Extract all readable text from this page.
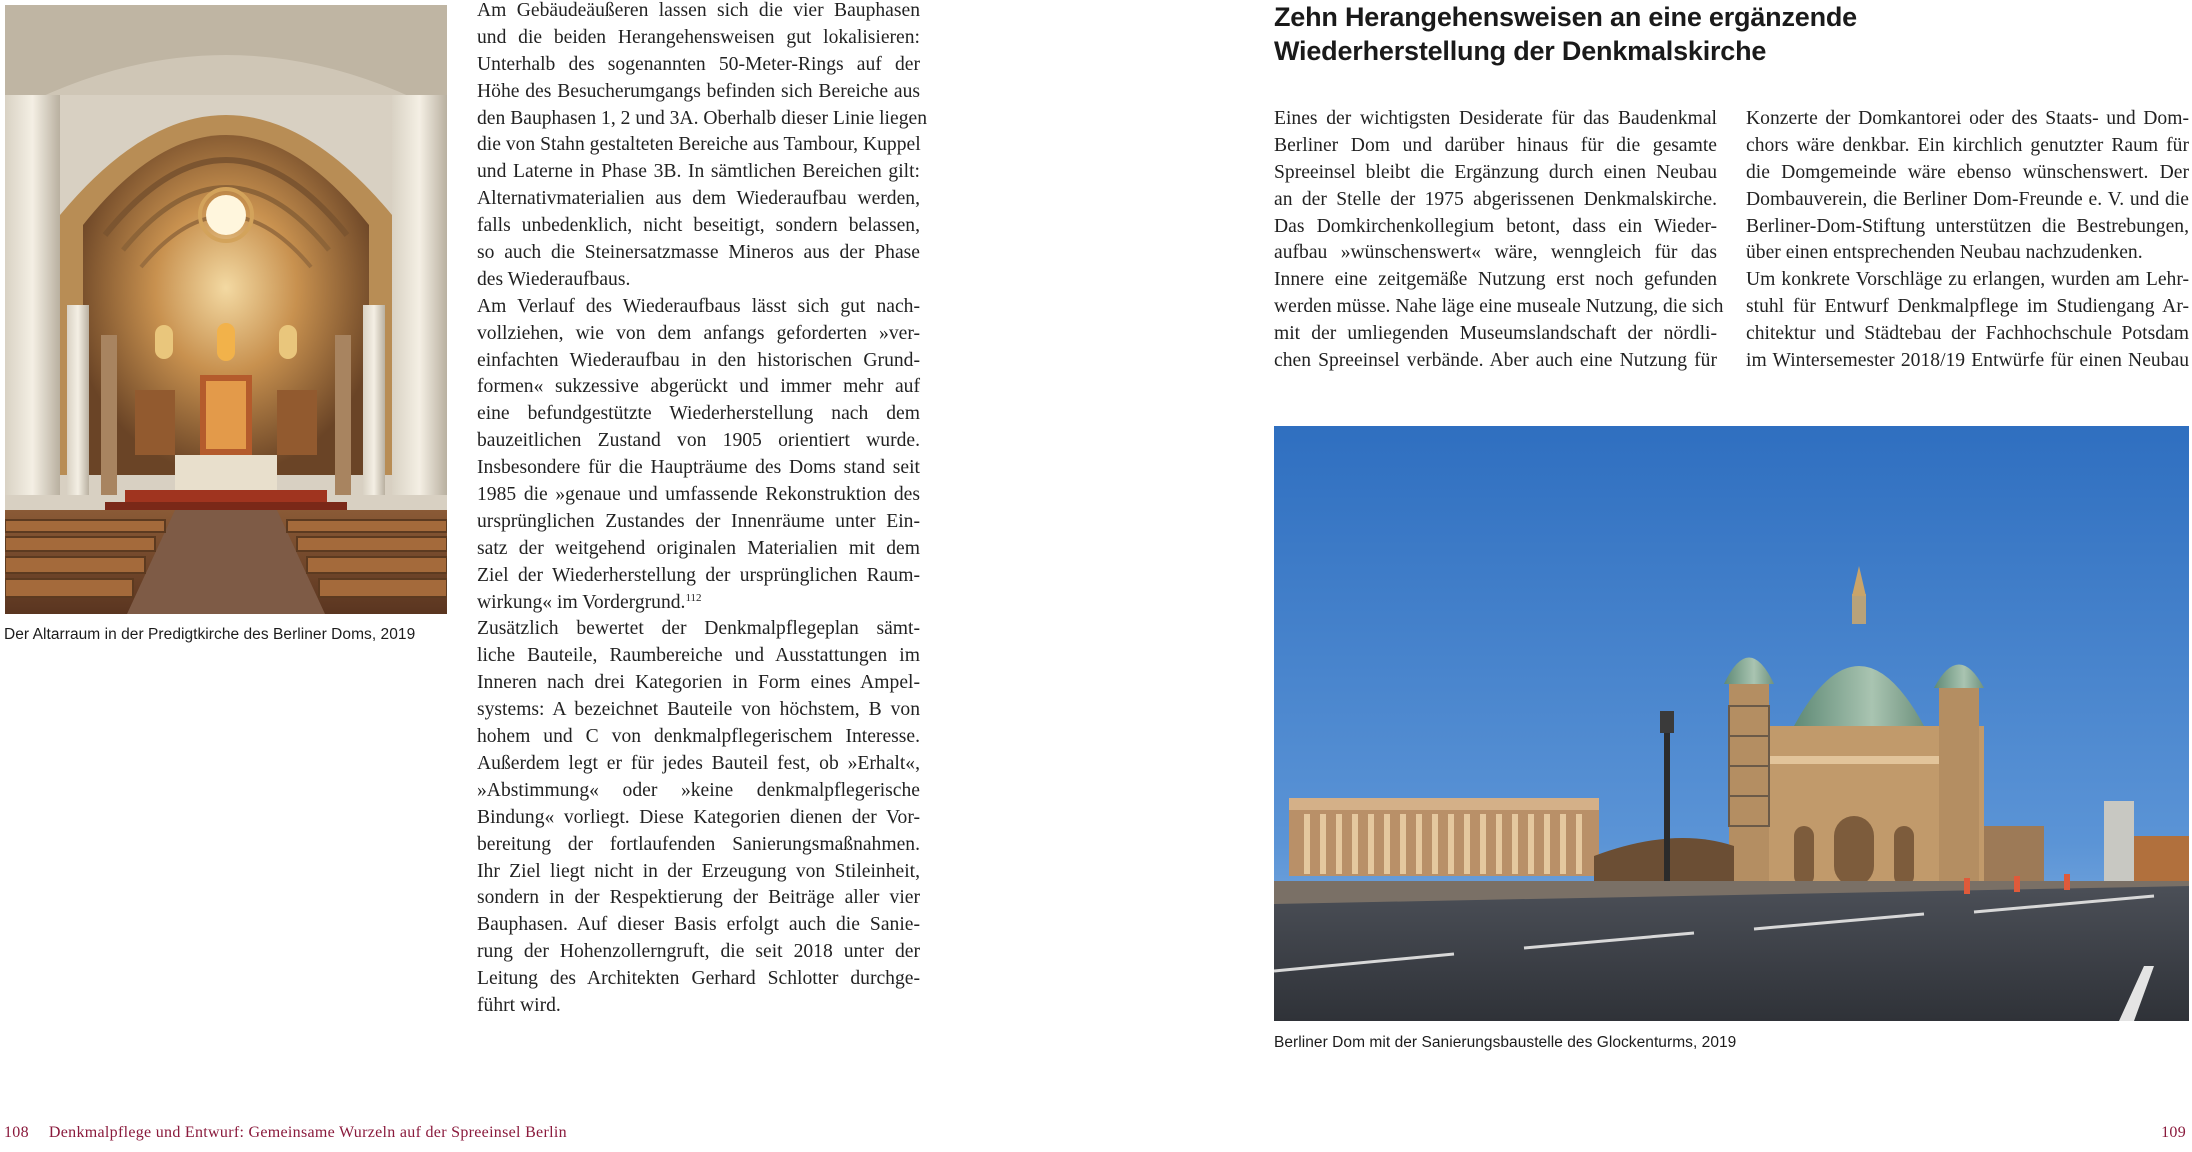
Der Altarraum in der Predigtkirche des Berliner Doms, 2019
Am Gebäudeäußeren lassen sich die vier Bauphasen
und die beiden Herangehensweisen gut lokalisieren:
Unterhalb des sogenannten 50-Meter-Rings auf der
Höhe des Besucherumgangs befinden sich Bereiche aus
den Bauphasen 1, 2 und 3A. Oberhalb dieser Linie liegen
die von Stahn gestalteten Bereiche aus Tambour, Kuppel
und Laterne in Phase 3B. In sämtlichen Bereichen gilt:
Alternativmaterialien aus dem Wiederaufbau werden,
falls unbedenklich, nicht beseitigt, sondern belassen,
so auch die Steinersatzmasse Mineros aus der Phase
des Wiederaufbaus.
Am Verlauf des Wiederaufbaus lässt sich gut nach-
vollziehen, wie von dem anfangs geforderten »ver-
einfachten Wiederaufbau in den historischen Grund-
formen« sukzessive abgerückt und immer mehr auf
eine befundgestützte Wiederherstellung nach dem
bauzeitlichen Zustand von 1905 orientiert wurde.
Insbesondere für die Haupträume des Doms stand seit
1985 die »genaue und umfassende Rekonstruktion des
ursprünglichen Zustandes der Innenräume unter Ein-
satz der weitgehend originalen Materialien mit dem
Ziel der Wiederherstellung der ursprünglichen Raum-
wirkung« im Vordergrund.$^{112}$
Zusätzlich bewertet der Denkmalpflegeplan sämt-
liche Bauteile, Raumbereiche und Ausstattungen im
Inneren nach drei Kategorien in Form eines Ampel-
systems: A bezeichnet Bauteile von höchstem, B von
hohem und C von denkmalpflegerischem Interesse.
Außerdem legt er für jedes Bauteil fest, ob »Erhalt«,
»Abstimmung« oder »keine denkmalpflegerische
Bindung« vorliegt. Diese Kategorien dienen der Vor-
bereitung der fortlaufenden Sanierungsmaßnahmen.
Ihr Ziel liegt nicht in der Erzeugung von Stileinheit,
sondern in der Respektierung der Beiträge aller vier
Bauphasen. Auf dieser Basis erfolgt auch die Sanie-
rung der Hohenzollerngruft, die seit 2018 unter der
Leitung des Architekten Gerhard Schlotter durchge-
führt wird.
Zehn Herangehensweisen an eine ergänzende
Wiederherstellung der Denkmalskirche
Eines der wichtigsten Desiderate für das Baudenkmal
Berliner Dom und darüber hinaus für die gesamte
Spreeinsel bleibt die Ergänzung durch einen Neubau
an der Stelle der 1975 abgerissenen Denkmalskirche.
Das Domkirchenkollegium betont, dass ein Wieder-
aufbau »wünschenswert« wäre, wenngleich für das
Innere eine zeitgemäße Nutzung erst noch gefunden
werden müsse. Nahe läge eine museale Nutzung, die sich
mit der umliegenden Museumslandschaft der nördli-
chen Spreeinsel verbände. Aber auch eine Nutzung für
Konzerte der Domkantorei oder des Staats- und Dom-
chors wäre denkbar. Ein kirchlich genutzter Raum für
die Domgemeinde wäre ebenso wünschenswert. Der
Dombauverein, die Berliner Dom-Freunde e. V. und die
Berliner-Dom-Stiftung unterstützen die Bestrebungen,
über einen entsprechenden Neubau nachzudenken.
Um konkrete Vorschläge zu erlangen, wurden am Lehr-
stuhl für Entwurf Denkmalpflege im Studiengang Ar-
chitektur und Städtebau der Fachhochschule Potsdam
im Wintersemester 2018/19 Entwürfe für einen Neubau
Berliner Dom mit der Sanierungsbaustelle des Glockenturms, 2019
108 Denkmalpflege und Entwurf: Gemeinsame Wurzeln auf der Spreeinsel Berlin	109
